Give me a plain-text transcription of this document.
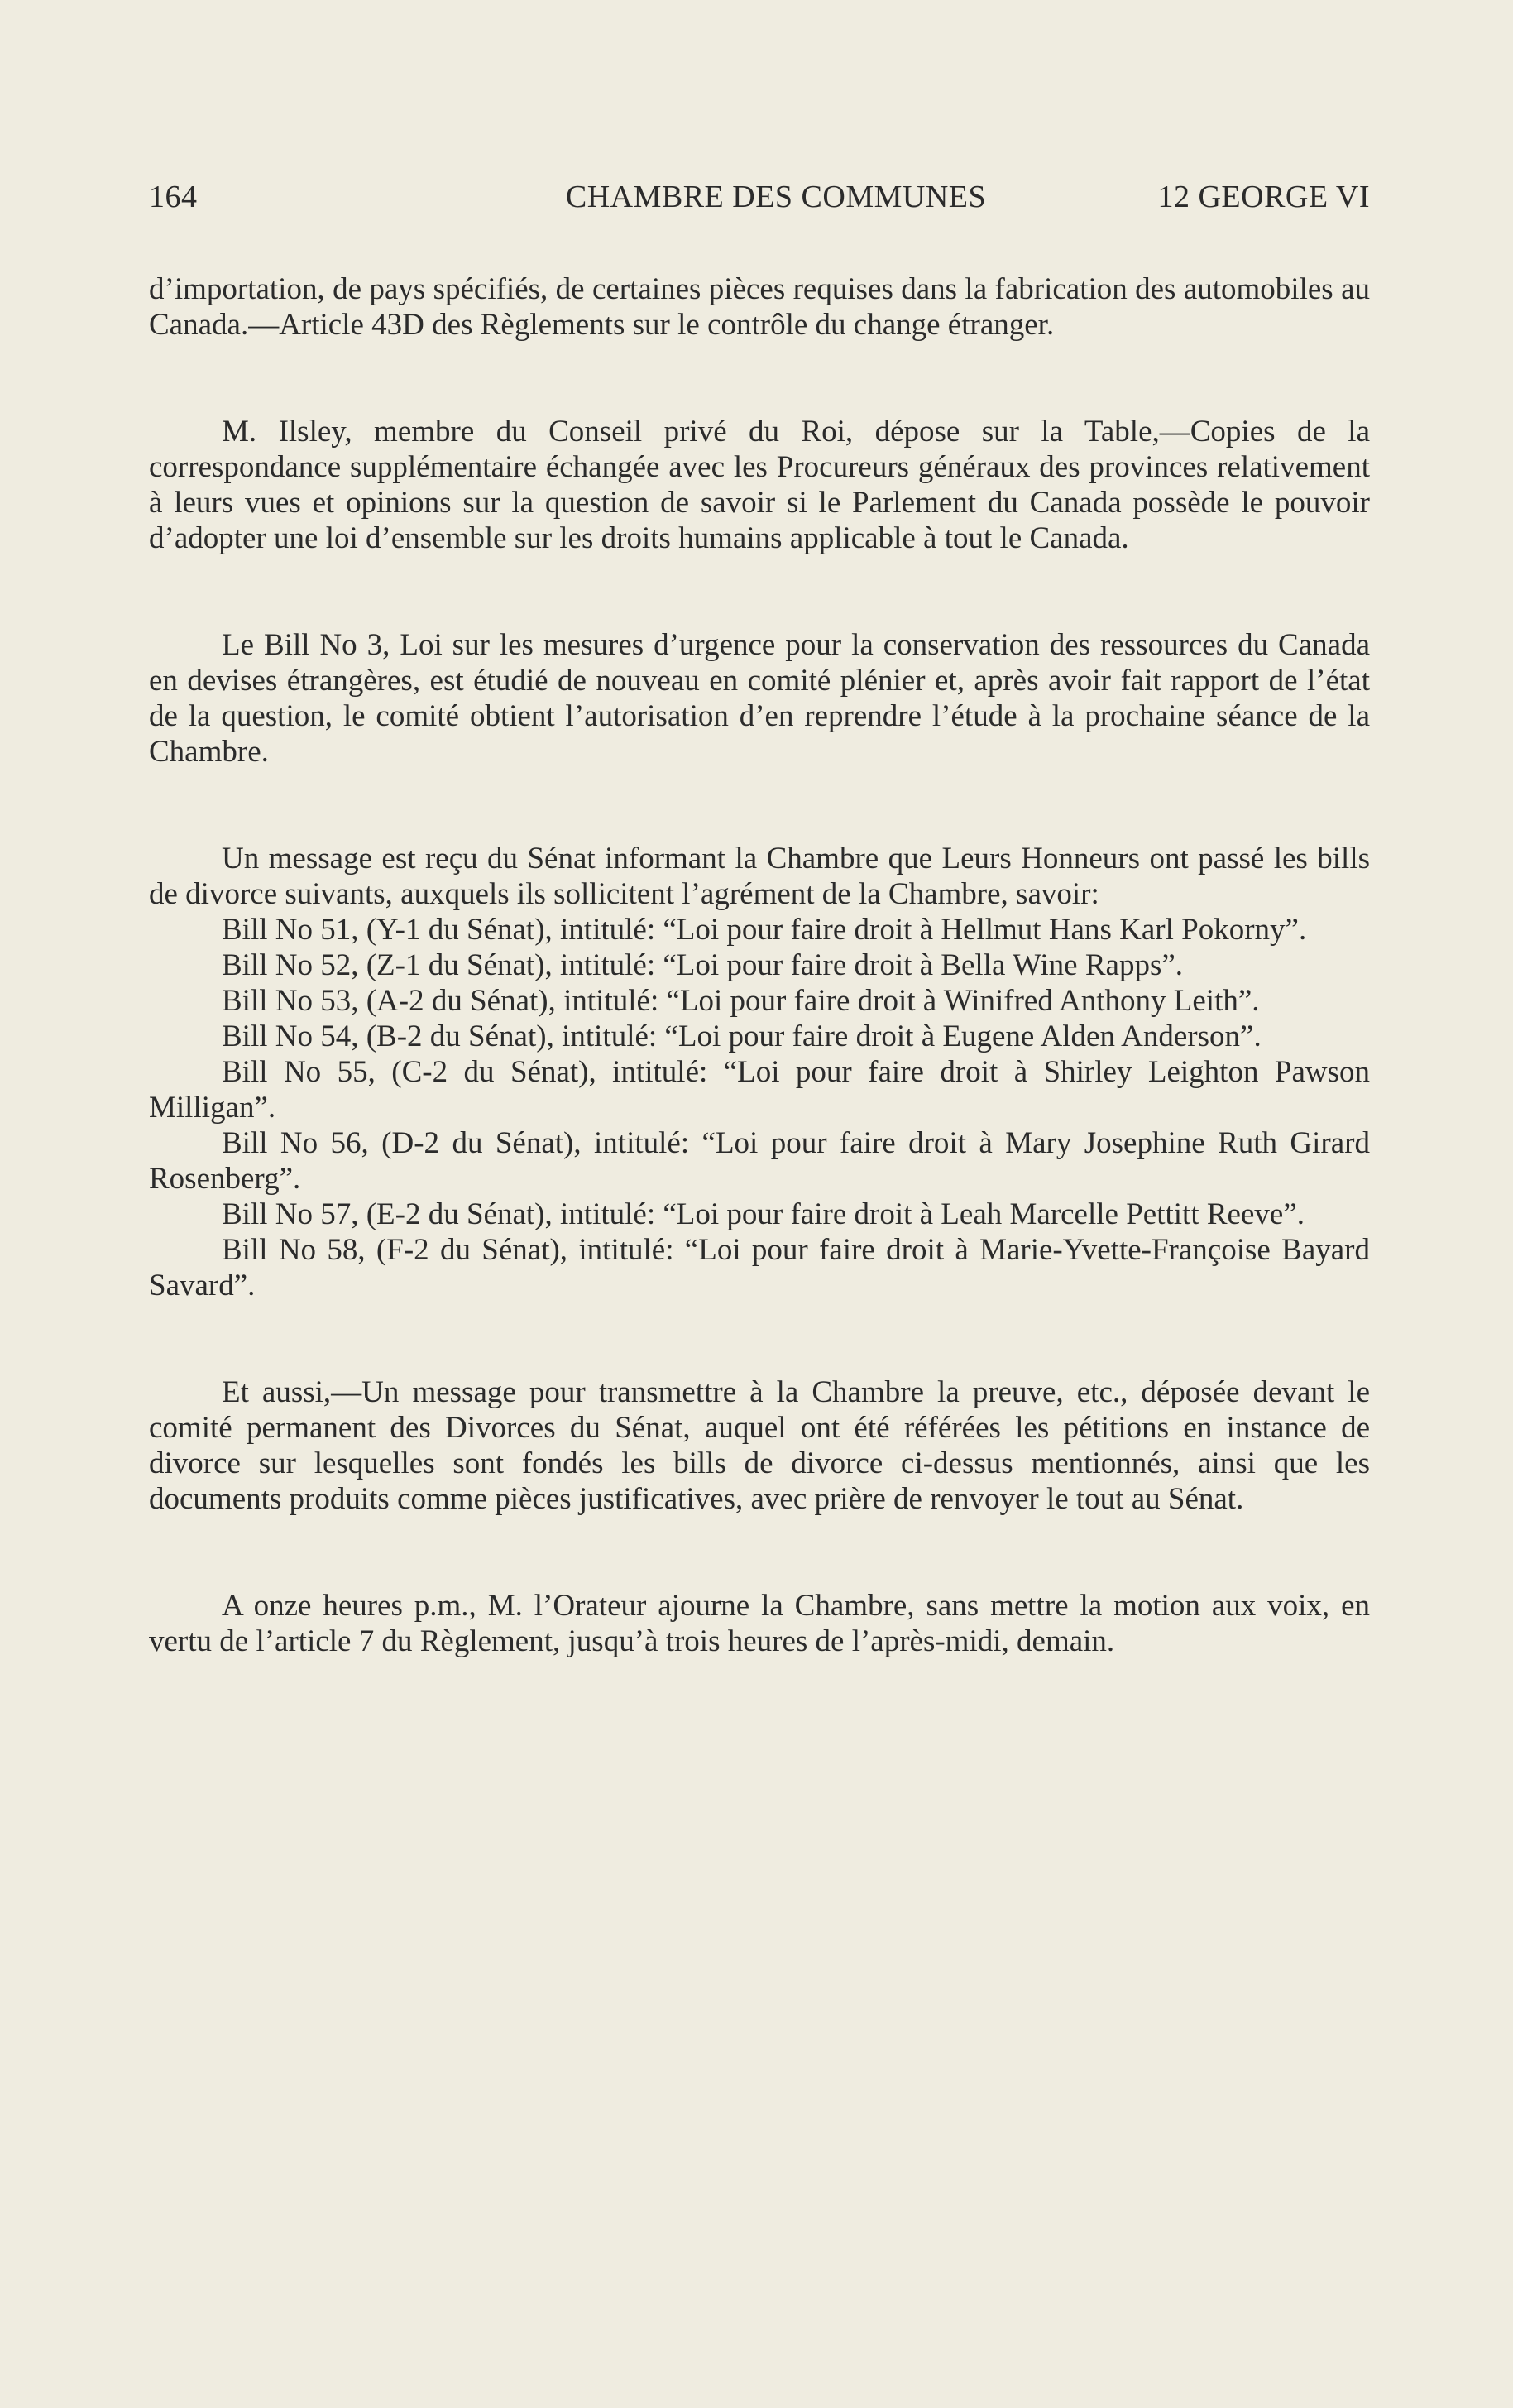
164	CHAMBRE DES COMMUNES	12 GEORGE VI

d’importation, de pays spécifiés, de certaines pièces requises dans la fabrication des automobiles au Canada.—Article 43D des Règlements sur le contrôle du change étranger.

M. Ilsley, membre du Conseil privé du Roi, dépose sur la Table,—Copies de la correspondance supplémentaire échangée avec les Procureurs généraux des provinces relativement à leurs vues et opinions sur la question de savoir si le Parlement du Canada possède le pouvoir d’adopter une loi d’ensemble sur les droits humains applicable à tout le Canada.

Le Bill No 3, Loi sur les mesures d’urgence pour la conservation des ressources du Canada en devises étrangères, est étudié de nouveau en comité plénier et, après avoir fait rapport de l’état de la question, le comité obtient l’autorisation d’en reprendre l’étude à la prochaine séance de la Chambre.

Un message est reçu du Sénat informant la Chambre que Leurs Honneurs ont passé les bills de divorce suivants, auxquels ils sollicitent l’agrément de la Chambre, savoir:

Bill No 51, (Y-1 du Sénat), intitulé: “Loi pour faire droit à Hellmut Hans Karl Pokorny”.

Bill No 52, (Z-1 du Sénat), intitulé: “Loi pour faire droit à Bella Wine Rapps”.

Bill No 53, (A-2 du Sénat), intitulé: “Loi pour faire droit à Winifred Anthony Leith”.

Bill No 54, (B-2 du Sénat), intitulé: “Loi pour faire droit à Eugene Alden Anderson”.

Bill No 55, (C-2 du Sénat), intitulé: “Loi pour faire droit à Shirley Leighton Pawson Milligan”.

Bill No 56, (D-2 du Sénat), intitulé: “Loi pour faire droit à Mary Josephine Ruth Girard Rosenberg”.

Bill No 57, (E-2 du Sénat), intitulé: “Loi pour faire droit à Leah Marcelle Pettitt Reeve”.

Bill No 58, (F-2 du Sénat), intitulé: “Loi pour faire droit à Marie-Yvette-Françoise Bayard Savard”.

Et aussi,—Un message pour transmettre à la Chambre la preuve, etc., déposée devant le comité permanent des Divorces du Sénat, auquel ont été référées les pétitions en instance de divorce sur lesquelles sont fondés les bills de divorce ci-dessus mentionnés, ainsi que les documents produits comme pièces justificatives, avec prière de renvoyer le tout au Sénat.

A onze heures p.m., M. l’Orateur ajourne la Chambre, sans mettre la motion aux voix, en vertu de l’article 7 du Règlement, jusqu’à trois heures de l’après-midi, demain.
